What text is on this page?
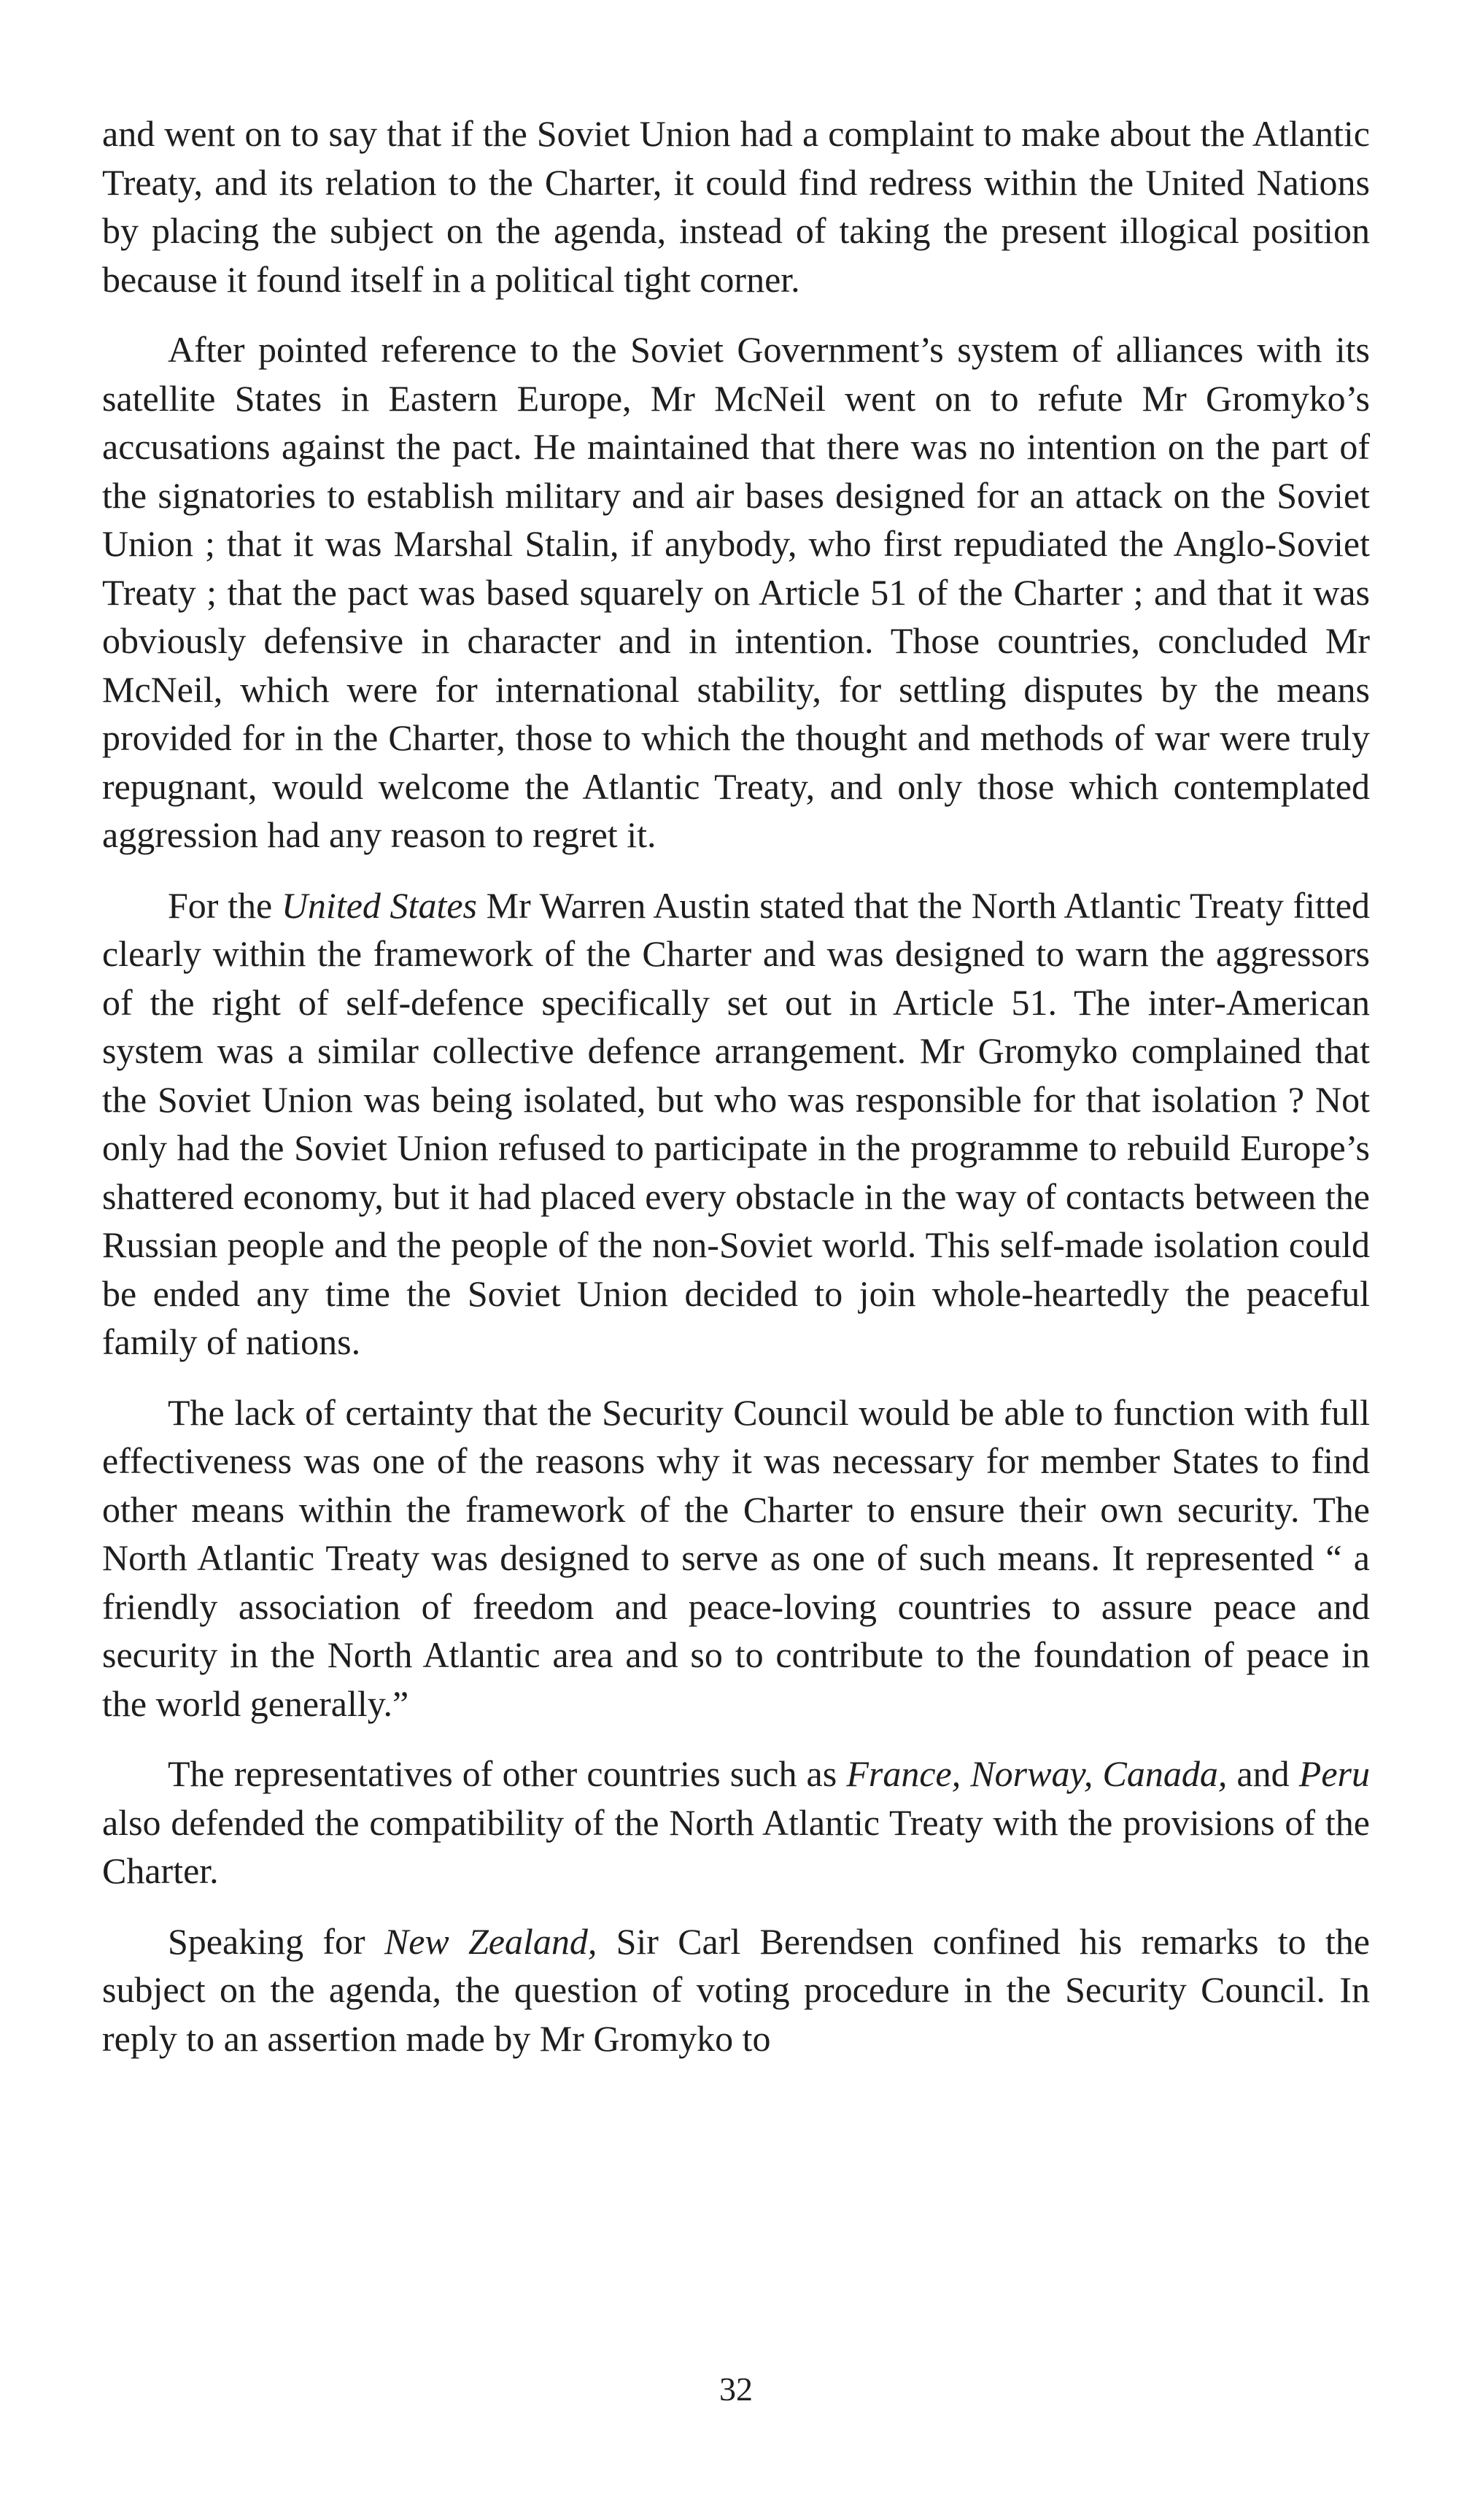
and went on to say that if the Soviet Union had a complaint to make about the Atlantic Treaty, and its relation to the Charter, it could find redress within the United Nations by placing the subject on the agenda, instead of taking the present illogical position because it found itself in a political tight corner.

After pointed reference to the Soviet Government’s system of alliances with its satellite States in Eastern Europe, Mr McNeil went on to refute Mr Gromyko’s accusations against the pact. He maintained that there was no intention on the part of the signatories to establish military and air bases designed for an attack on the Soviet Union ; that it was Marshal Stalin, if anybody, who first repudiated the Anglo-Soviet Treaty ; that the pact was based squarely on Article 51 of the Charter ; and that it was obviously defensive in character and in intention. Those countries, concluded Mr McNeil, which were for international stability, for settling disputes by the means provided for in the Charter, those to which the thought and methods of war were truly repugnant, would welcome the Atlantic Treaty, and only those which contemplated aggression had any reason to regret it.

For the United States Mr Warren Austin stated that the North Atlantic Treaty fitted clearly within the framework of the Charter and was designed to warn the aggressors of the right of self-defence specifically set out in Article 51. The inter-American system was a similar collective defence arrangement. Mr Gromyko complained that the Soviet Union was being isolated, but who was responsible for that isolation ? Not only had the Soviet Union refused to participate in the programme to rebuild Europe’s shattered economy, but it had placed every obstacle in the way of contacts between the Russian people and the people of the non-Soviet world. This self-made isolation could be ended any time the Soviet Union decided to join whole-heartedly the peaceful family of nations.

The lack of certainty that the Security Council would be able to function with full effectiveness was one of the reasons why it was necessary for member States to find other means within the framework of the Charter to ensure their own security. The North Atlantic Treaty was designed to serve as one of such means. It represented “ a friendly association of freedom and peace-loving countries to assure peace and security in the North Atlantic area and so to contribute to the foundation of peace in the world generally.”

The representatives of other countries such as France, Norway, Canada, and Peru also defended the compatibility of the North Atlantic Treaty with the provisions of the Charter.

Speaking for New Zealand, Sir Carl Berendsen confined his remarks to the subject on the agenda, the question of voting procedure in the Security Council. In reply to an assertion made by Mr Gromyko to

32
